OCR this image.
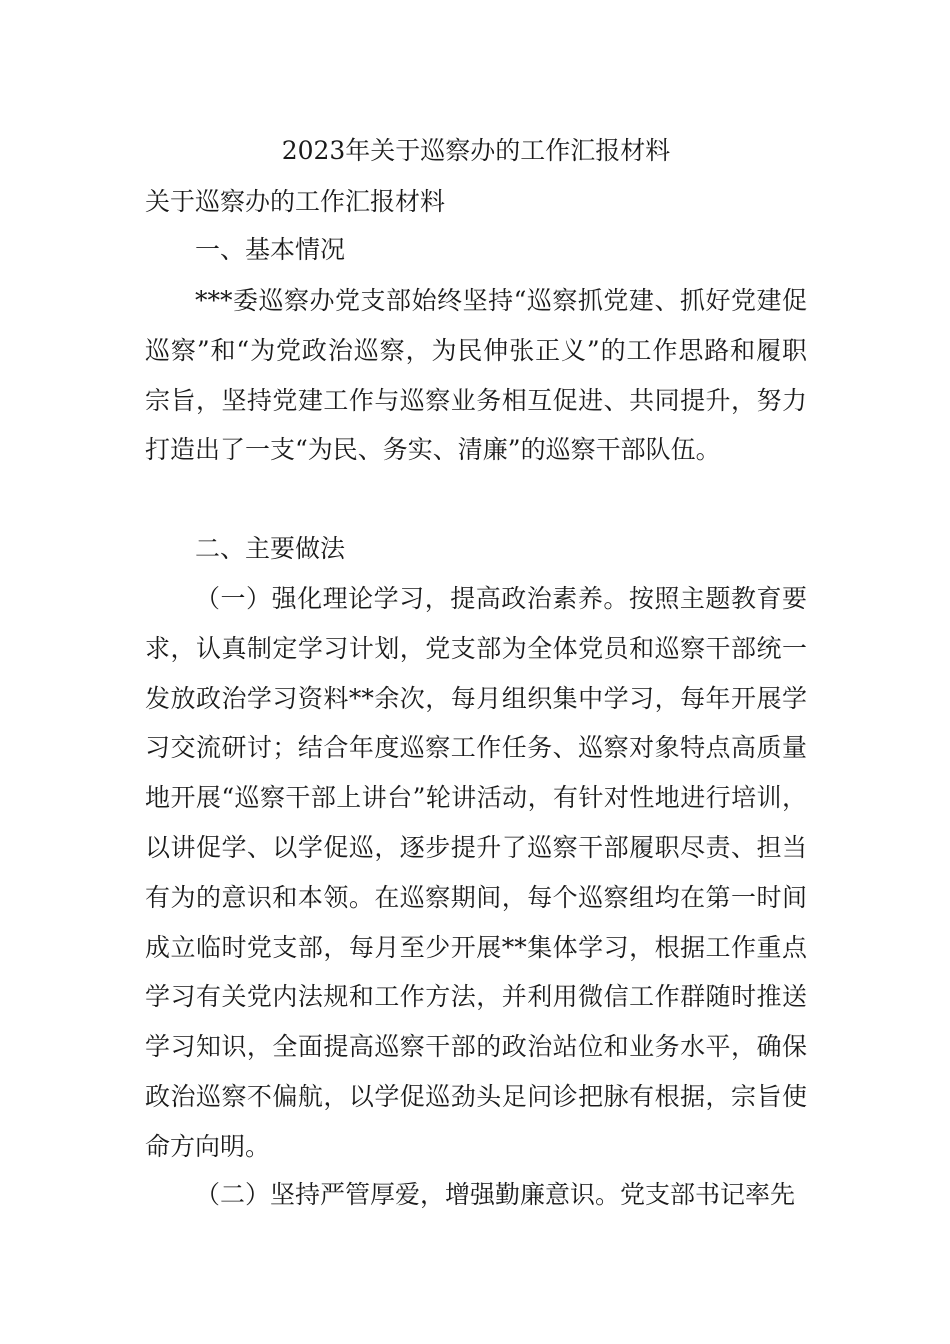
2023年关于巡察办的工作汇报材料
关于巡察办的工作汇报材料

一、基本情况

***委巡察办党支部始终坚持“巡察抓党建、抓好党建促巡察”和“为党政治巡察，为民伸张正义”的工作思路和履职宗旨，坚持党建工作与巡察业务相互促进、共同提升，努力打造出了一支“为民、务实、清廉”的巡察干部队伍。

二、主要做法

（一）强化理论学习，提高政治素养。按照主题教育要求，认真制定学习计划，党支部为全体党员和巡察干部统一发放政治学习资料**余次，每月组织集中学习，每年开展学习交流研讨；结合年度巡察工作任务、巡察对象特点高质量地开展“巡察干部上讲台”轮讲活动，有针对性地进行培训，以讲促学、以学促巡，逐步提升了巡察干部履职尽责、担当有为的意识和本领。在巡察期间，每个巡察组均在第一时间成立临时党支部，每月至少开展**集体学习，根据工作重点学习有关党内法规和工作方法，并利用微信工作群随时推送学习知识，全面提高巡察干部的政治站位和业务水平，确保政治巡察不偏航，以学促巡劲头足问诊把脉有根据，宗旨使命方向明。

（二）坚持严管厚爱，增强勤廉意识。党支部书记率先
